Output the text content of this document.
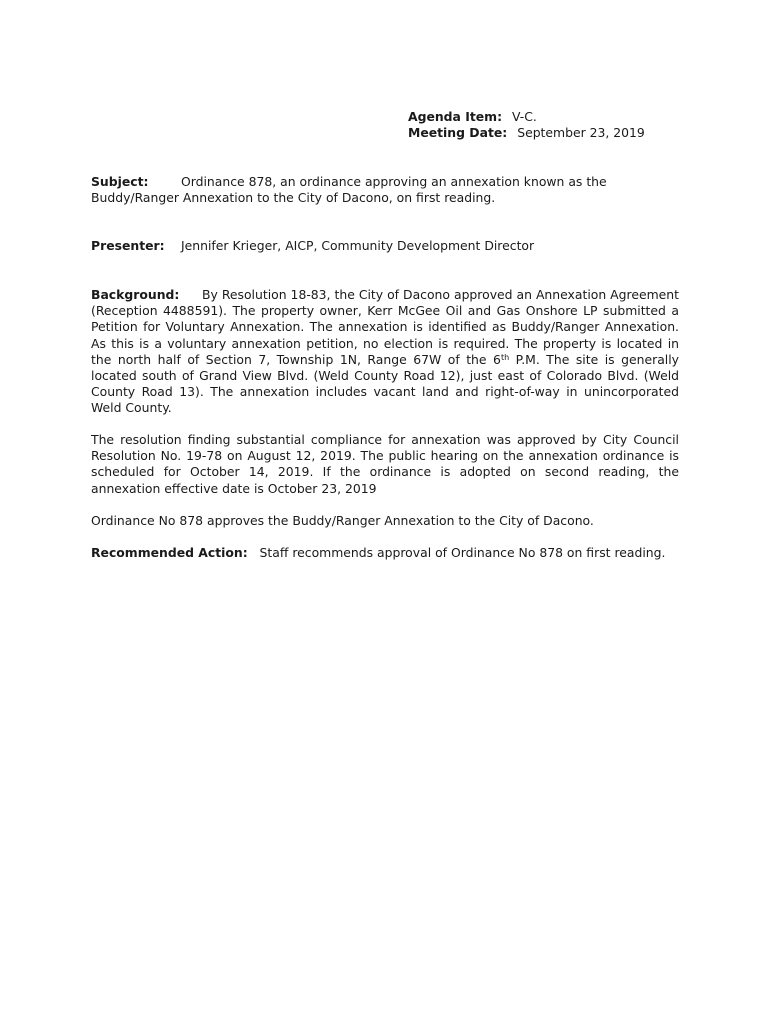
Agenda Item: V-C.
Meeting Date: September 23, 2019
Subject:	Ordinance 878, an ordinance approving an annexation known as the Buddy/Ranger Annexation to the City of Dacono, on first reading.
Presenter: Jennifer Krieger, AICP, Community Development Director
Background: By Resolution 18-83, the City of Dacono approved an Annexation Agreement (Reception 4488591). The property owner, Kerr McGee Oil and Gas Onshore LP submitted a Petition for Voluntary Annexation. The annexation is identified as Buddy/Ranger Annexation. As this is a voluntary annexation petition, no election is required. The property is located in the north half of Section 7, Township 1N, Range 67W of the 6th P.M. The site is generally located south of Grand View Blvd. (Weld County Road 12), just east of Colorado Blvd. (Weld County Road 13). The annexation includes vacant land and right-of-way in unincorporated Weld County.
The resolution finding substantial compliance for annexation was approved by City Council Resolution No. 19-78 on August 12, 2019. The public hearing on the annexation ordinance is scheduled for October 14, 2019. If the ordinance is adopted on second reading, the annexation effective date is October 23, 2019
Ordinance No 878 approves the Buddy/Ranger Annexation to the City of Dacono.
Recommended Action: Staff recommends approval of Ordinance No 878 on first reading.
